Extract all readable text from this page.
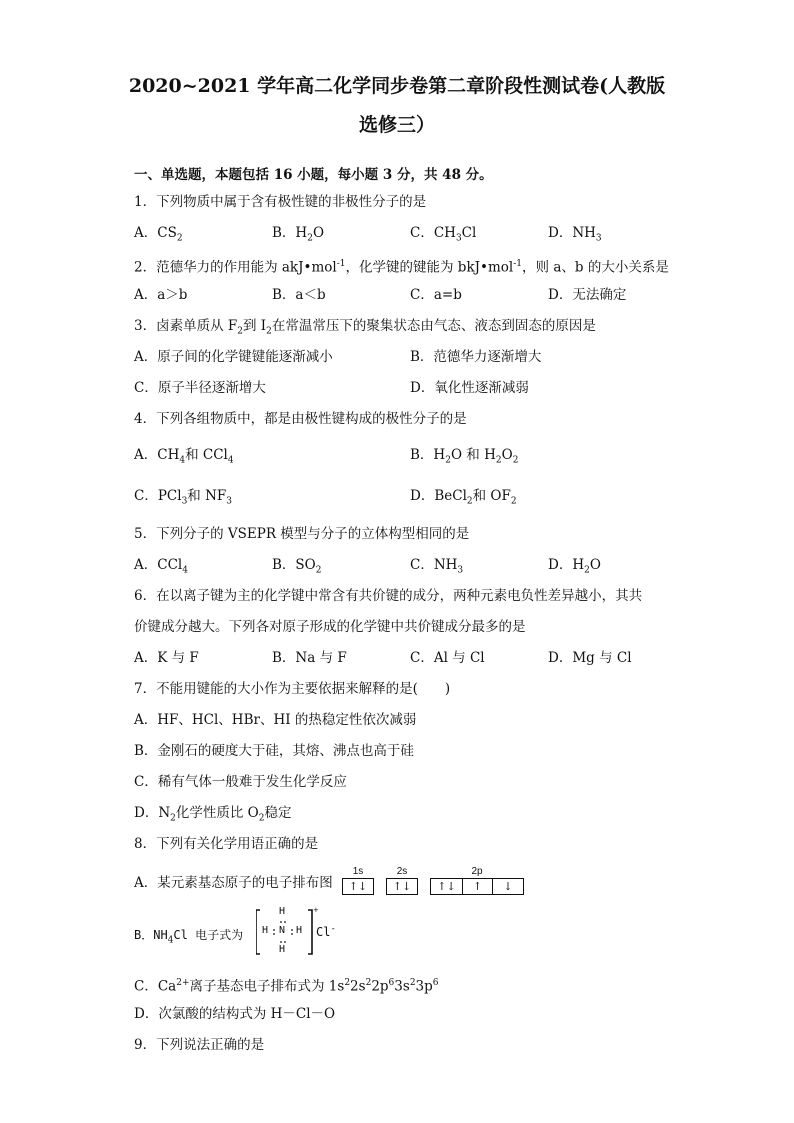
2020~2021 学年高二化学同步卷第二章阶段性测试卷(人教版
选修三）
一、单选题，本题包括 16 小题，每小题 3 分，共 48 分。
1．下列物质中属于含有极性键的非极性分子的是
A．$CS_2$	B．$H_2O$	C．$CH_3Cl$	D．$NH_3$
2．范德华力的作用能为 akJ•mol$^{-1}$，化学键的键能为 bkJ•mol$^{-1}$，则 a、b 的大小关系是
A．a＞b	B．a＜b	C．a=b	D．无法确定
3．卤素单质从 $F_2$到 $I_2$在常温常压下的聚集状态由气态、液态到固态的原因是
A．原子间的化学键键能逐渐减小	B．范德华力逐渐增大
C．原子半径逐渐增大	D．氧化性逐渐减弱
4．下列各组物质中，都是由极性键构成的极性分子的是
A．$CH_4$和 CCl$_4$	B．$H_2O$ 和 $H_2O_2$
C．PCl$_3$和 $NF_3$	D．BeCl$_2$和 $OF_2$
5．下列分子的 VSEPR 模型与分子的立体构型相同的是
A．CCl$_4$	B．$SO_2$	C．$NH_3$	D．$H_2O$
6．在以离子键为主的化学键中常含有共价键的成分，两种元素电负性差异越小，其共
价键成分越大。下列各对原子形成的化学键中共价键成分最多的是
A．K 与 F	B．Na 与 F	C．Al 与 Cl	D．Mg 与 Cl
7．不能用键能的大小作为主要依据来解释的是(　　)
A．HF、HCl、HBr、HI 的热稳定性依次减弱
B．金刚石的硬度大于硅，其熔、沸点也高于硅
C．稀有气体一般难于发生化学反应
D．$N_2$化学性质比 $O_2$稳定
8．下列有关化学用语正确的是
A．某元素基态原子的电子排布图
1s
↑↓
2s
↑↓
2p
↑↓	↑	↓
B．$NH_4Cl$ 电子式为
+
H
H N H
H
Cl-
C．$Ca^{2+}$离子基态电子排布式为 $1s^22s^22p^63s^23p^6$
D．次氯酸的结构式为 H－Cl－O
9．下列说法正确的是
